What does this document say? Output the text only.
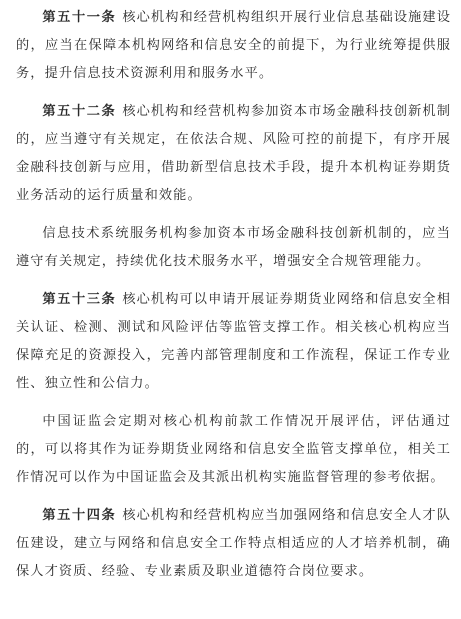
第五十一条 核心机构和经营机构组织开展行业信息基础设施建设的，应当在保障本机构网络和信息安全的前提下，为行业统筹提供服务，提升信息技术资源利用和服务水平。

第五十二条 核心机构和经营机构参加资本市场金融科技创新机制的，应当遵守有关规定，在依法合规、风险可控的前提下，有序开展金融科技创新与应用，借助新型信息技术手段，提升本机构证券期货业务活动的运行质量和效能。

信息技术系统服务机构参加资本市场金融科技创新机制的，应当遵守有关规定，持续优化技术服务水平，增强安全合规管理能力。

第五十三条 核心机构可以申请开展证券期货业网络和信息安全相关认证、检测、测试和风险评估等监管支撑工作。相关核心机构应当保障充足的资源投入，完善内部管理制度和工作流程，保证工作专业性、独立性和公信力。

中国证监会定期对核心机构前款工作情况开展评估，评估通过的，可以将其作为证券期货业网络和信息安全监管支撑单位，相关工作情况可以作为中国证监会及其派出机构实施监督管理的参考依据。

第五十四条 核心机构和经营机构应当加强网络和信息安全人才队伍建设，建立与网络和信息安全工作特点相适应的人才培养机制，确保人才资质、经验、专业素质及职业道德符合岗位要求。
